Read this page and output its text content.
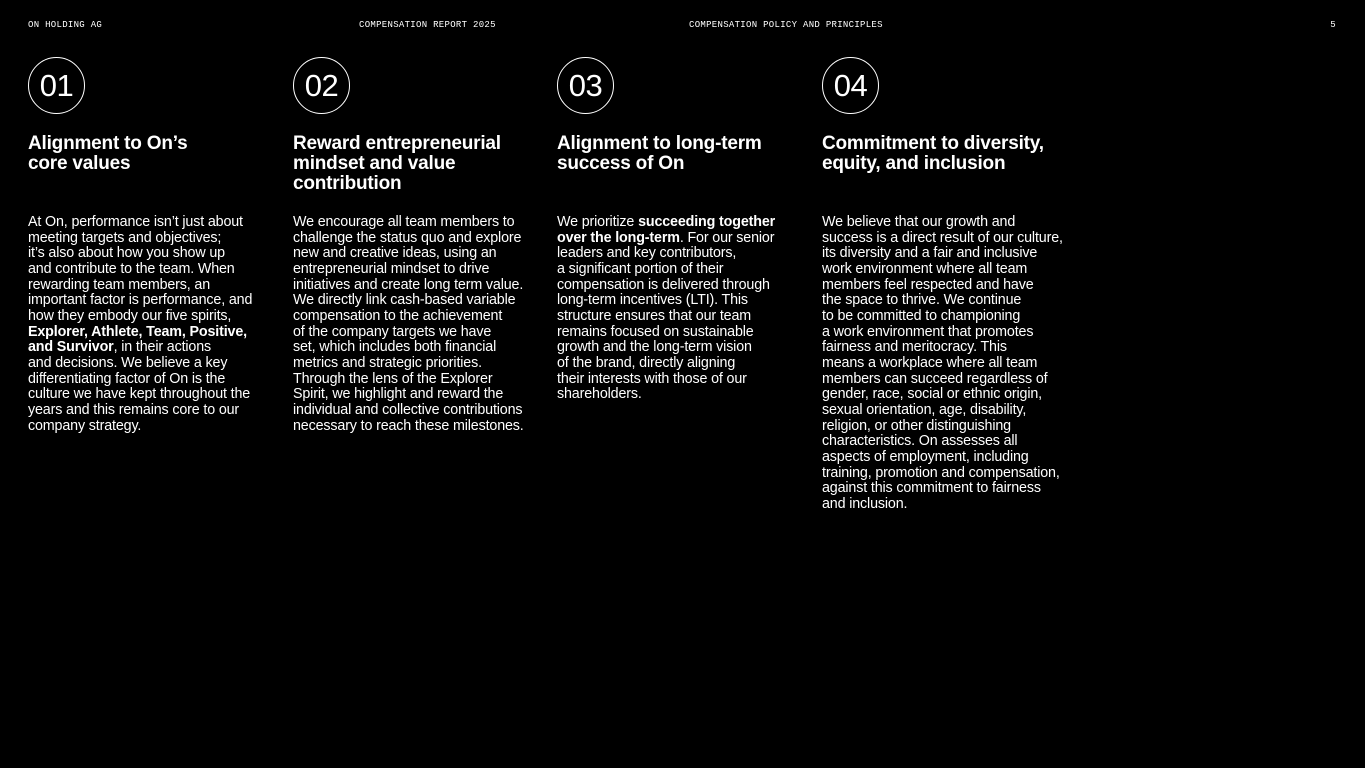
ON HOLDING AG	COMPENSATION REPORT 2025	COMPENSATION POLICY AND PRINCIPLES	5
01
Alignment to On’s
core values

At On, performance isn’t just about
meeting targets and objectives;
it’s also about how you show up
and contribute to the team. When
rewarding team members, an
important factor is performance, and
how they embody our five spirits,
Explorer, Athlete, Team, Positive,
and Survivor, in their actions
and decisions. We believe a key
differentiating factor of On is the
culture we have kept throughout the
years and this remains core to our
company strategy.

02
Reward entrepreneurial
mindset and value
contribution

We encourage all team members to
challenge the status quo and explore
new and creative ideas, using an
entrepreneurial mindset to drive
initiatives and create long term value.
We directly link cash-based variable
compensation to the achievement
of the company targets we have
set, which includes both financial
metrics and strategic priorities.
Through the lens of the Explorer
Spirit, we highlight and reward the
individual and collective contributions
necessary to reach these milestones.

03
Alignment to long-term
success of On

We prioritize succeeding together
over the long-term. For our senior
leaders and key contributors,
a significant portion of their
compensation is delivered through
long-term incentives (LTI). This
structure ensures that our team
remains focused on sustainable
growth and the long-term vision
of the brand, directly aligning
their interests with those of our
shareholders.

04
Commitment to diversity,
equity, and inclusion

We believe that our growth and
success is a direct result of our culture,
its diversity and a fair and inclusive
work environment where all team
members feel respected and have
the space to thrive. We continue
to be committed to championing
a work environment that promotes
fairness and meritocracy. This
means a workplace where all team
members can succeed regardless of
gender, race, social or ethnic origin,
sexual orientation, age, disability,
religion, or other distinguishing
characteristics. On assesses all
aspects of employment, including
training, promotion and compensation,
against this commitment to fairness
and inclusion.
